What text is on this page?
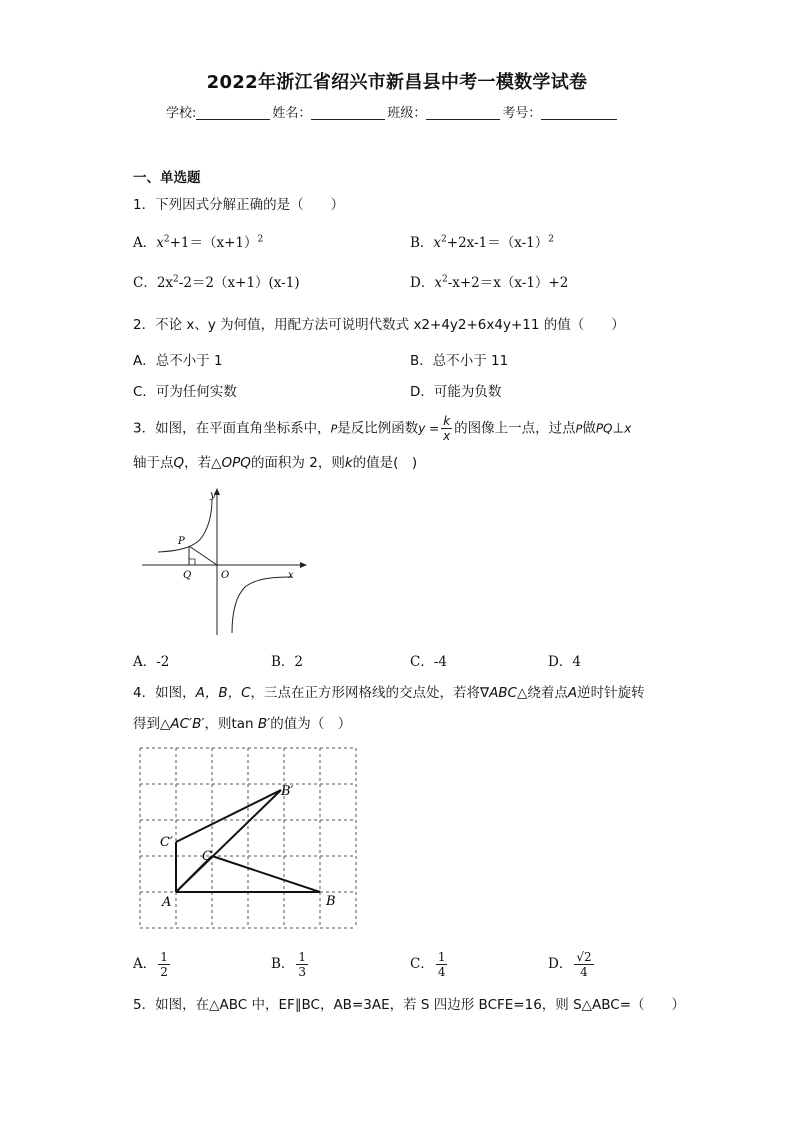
2022年浙江省绍兴市新昌县中考一模数学试卷
学校:	姓名：	班级：	考号：
一、单选题
1．下列因式分解正确的是（　　）
A．$x^2+1=(x+1)^2$	B．$x^2+2x-1=(x-1)^2$
C．$2x^2-2=2(x+1)(x-1)$	D．$x^2-x+2=x(x-1)+2$
2．不论 x、y 为何值，用配方法可说明代数式 x2+4y2+6x4y+11 的值（　　）
A．总不小于 1	B．总不小于 11
C．可为任何实数	D．可能为负数
3．如图，在平面直角坐标系中，P是反比例函数$y = \frac{k}{x}$ 的图像上一点，过点P做PQ⊥x
轴于点Q，若△OPQ的面积为 2，则k的值是(　)
y
x
O
P
Q
A．-2	B．2	C．-4	D．4
4．如图，A，B，C，三点在正方形网格线的交点处，若将∇ABC△绕着点A逆时针旋转
得到△AC′B′，则tan B′的值为（　）
A	B
C
C′
B′
A． $\frac{1}{2}$	B． $\frac{1}{3}$	C． $\frac{1}{4}$	D． $\frac{√2}{4}$
5．如图，在△ABC 中，EF∥BC，AB=3AE，若 S 四边形 BCFE=16，则 S△ABC=（　　）
